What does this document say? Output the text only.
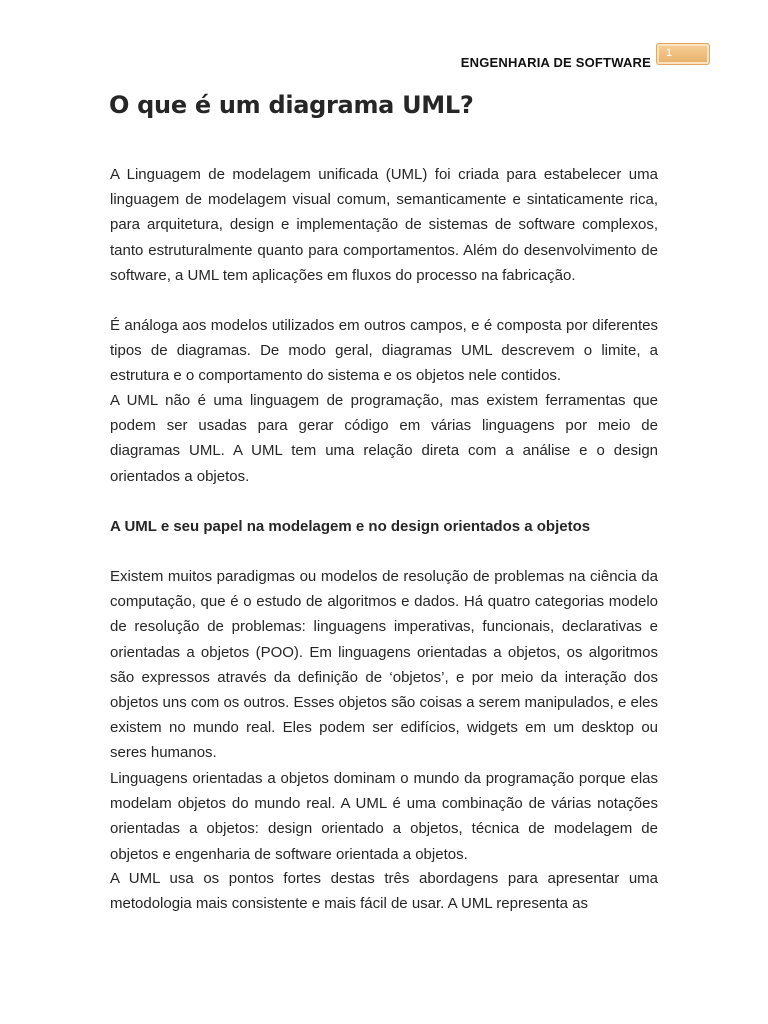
ENGENHARIA DE SOFTWARE
1
O que é um diagrama UML?

A Linguagem de modelagem unificada (UML) foi criada para estabelecer uma linguagem de modelagem visual comum, semanticamente e sintaticamente rica, para arquitetura, design e implementação de sistemas de software complexos, tanto estruturalmente quanto para comportamentos. Além do desenvolvimento de software, a UML tem aplicações em fluxos do processo na fabricação.

É análoga aos modelos utilizados em outros campos, e é composta por diferentes tipos de diagramas. De modo geral, diagramas UML descrevem o limite, a estrutura e o comportamento do sistema e os objetos nele contidos.

A UML não é uma linguagem de programação, mas existem ferramentas que podem ser usadas para gerar código em várias linguagens por meio de diagramas UML. A UML tem uma relação direta com a análise e o design orientados a objetos.

A UML e seu papel na modelagem e no design orientados a objetos

Existem muitos paradigmas ou modelos de resolução de problemas na ciência da computação, que é o estudo de algoritmos e dados. Há quatro categorias modelo de resolução de problemas: linguagens imperativas, funcionais, declarativas e orientadas a objetos (POO). Em linguagens orientadas a objetos, os algoritmos são expressos através da definição de ‘objetos’, e por meio da interação dos objetos uns com os outros. Esses objetos são coisas a serem manipulados, e eles existem no mundo real. Eles podem ser edifícios, widgets em um desktop ou seres humanos.

Linguagens orientadas a objetos dominam o mundo da programação porque elas modelam objetos do mundo real. A UML é uma combinação de várias notações orientadas a objetos: design orientado a objetos, técnica de modelagem de objetos e engenharia de software orientada a objetos.

A UML usa os pontos fortes destas três abordagens para apresentar uma metodologia mais consistente e mais fácil de usar. A UML representa as
